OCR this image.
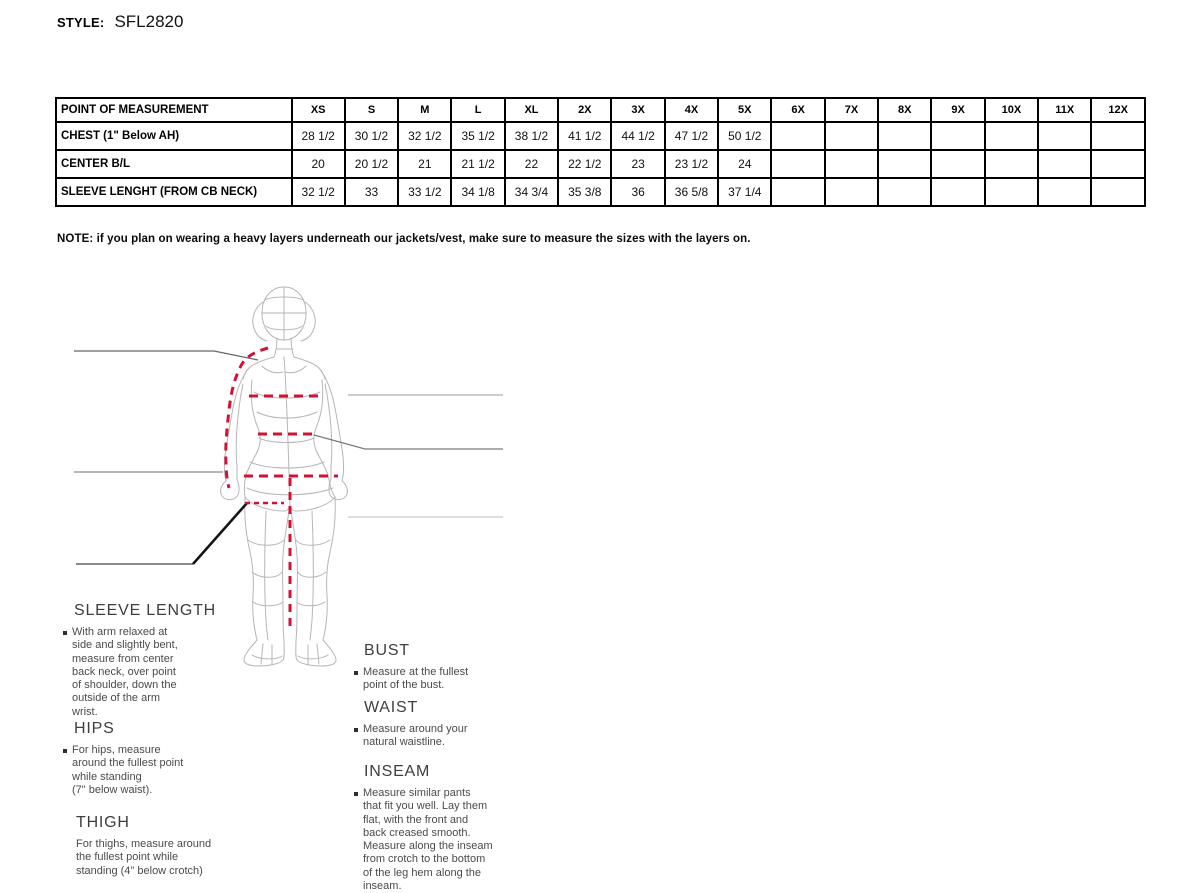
STYLE: SFL2820
POINT OF MEASUREMENT	XS	S	M	L	XL	2X	3X	4X	5X	6X	7X	8X	9X	10X	11X	12X
CHEST (1" Below AH)	28 1/2	30 1/2	32 1/2	35 1/2	38 1/2	41 1/2	44 1/2	47 1/2	50 1/2							
CENTER B/L	20	20 1/2	21	21 1/2	22	22 1/2	23	23 1/2	24							
SLEEVE LENGHT (FROM CB NECK)	32 1/2	33	33 1/2	34 1/8	34 3/4	35 3/8	36	36 5/8	37 1/4							
NOTE: if you plan on wearing a heavy layers underneath our jackets/vest, make sure to measure the sizes with the layers on.
SLEEVE LENGTH
With arm relaxed at
side and slightly bent,
measure from center
back neck, over point
of shoulder, down the
outside of the arm
wrist.
HIPS
For hips, measure
around the fullest point
while standing
(7" below waist).
THIGH
For thighs, measure around
the fullest point while
standing (4" below crotch)
BUST
Measure at the fullest
point of the bust.
WAIST
Measure around your
natural waistline.
INSEAM
Measure similar pants
that fit you well. Lay them
flat, with the front and
back creased smooth.
Measure along the inseam
from crotch to the bottom
of the leg hem along the
inseam.
